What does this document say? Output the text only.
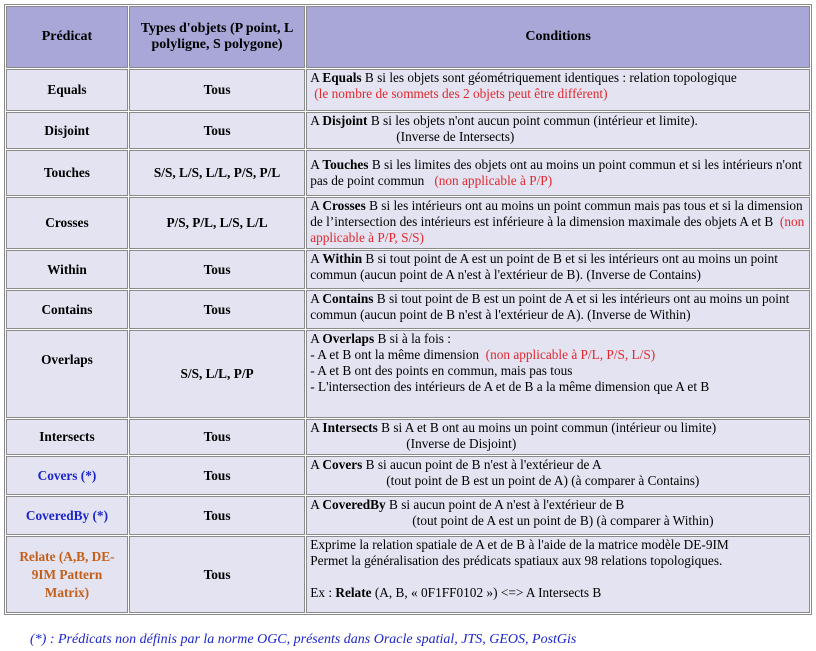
Prédicat	Types d'objets (P point, L polyligne, S polygone)	Conditions
Equals	Tous	A Equals B si les objets sont géométriquement identiques : relation topologique
(le nombre de sommets des 2 objets peut être différent)
Disjoint	Tous	A Disjoint B si les objets n'ont aucun point commun (intérieur et limite).
(Inverse de Intersects)
Touches	S/S, L/S, L/L, P/S, P/L	A Touches B si les limites des objets ont au moins un point commun et si les intérieurs n'ont pas de point commun (non applicable à P/P)
Crosses	P/S, P/L, L/S, L/L	A Crosses B si les intérieurs ont au moins un point commun mais pas tous et si la dimension de l’intersection des intérieurs est inférieure à la dimension maximale des objets A et B (non applicable à P/P, S/S)
Within	Tous	A Within B si tout point de A est un point de B et si les intérieurs ont au moins un point commun (aucun point de A n'est à l'extérieur de B). (Inverse de Contains)
Contains	Tous	A Contains B si tout point de B est un point de A et si les intérieurs ont au moins un point commun (aucun point de B n'est à l'extérieur de A). (Inverse de Within)
Overlaps	S/S, L/L, P/P	A Overlaps B si à la fois :
- A et B ont la même dimension (non applicable à P/L, P/S, L/S)
- A et B ont des points en commun, mais pas tous
- L'intersection des intérieurs de A et de B a la même dimension que A et B
Intersects	Tous	A Intersects B si A et B ont au moins un point commun (intérieur ou limite)
(Inverse de Disjoint)
Covers (*)	Tous	A Covers B si aucun point de B n'est à l'extérieur de A
(tout point de B est un point de A) (à comparer à Contains)
CoveredBy (*)	Tous	A CoveredBy B si aucun point de A n'est à l'extérieur de B
(tout point de A est un point de B) (à comparer à Within)
Relate (A,B, DE-9IM Pattern Matrix)	Tous	Exprime la relation spatiale de A et de B à l'aide de la matrice modèle DE-9IM
Permet la généralisation des prédicats spatiaux aux 98 relations topologiques.

Ex : Relate (A, B, « 0F1FF0102 ») <=> A Intersects B
(*) : Prédicats non définis par la norme OGC, présents dans Oracle spatial, JTS, GEOS, PostGis
